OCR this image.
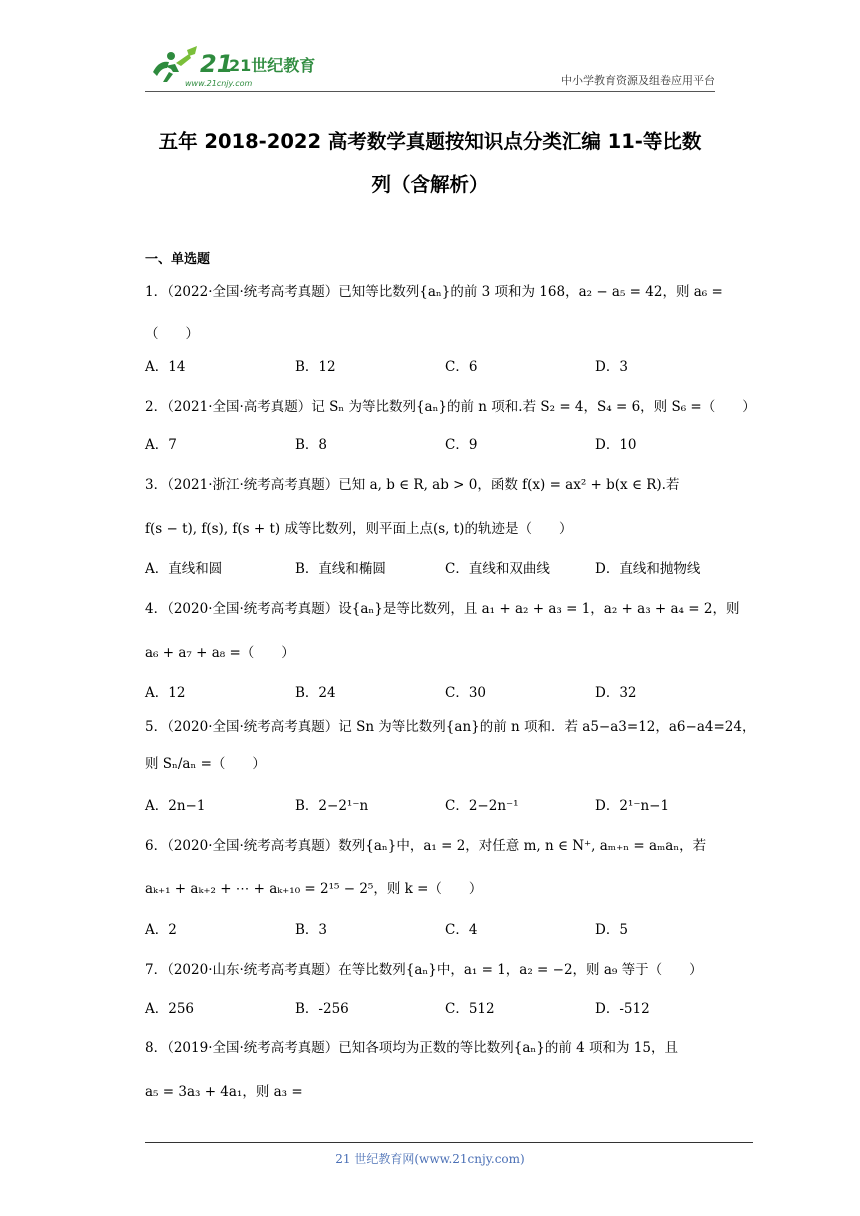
21
21世纪教育
www.21cnjy.com	中小学教育资源及组卷应用平台
五年 2018-2022 高考数学真题按知识点分类汇编 11-等比数
列（含解析）
一、单选题
1．（2022·全国·统考高考真题）已知等比数列{aₙ}的前 3 项和为 168，a₂ − a₅ = 42，则 a₆ =
（　　）
A．14	B．12	C．6	D．3
2．（2021·全国·高考真题）记 Sₙ 为等比数列{aₙ}的前 n 项和.若 S₂ = 4，S₄ = 6，则 S₆ =（　　）
A．7	B．8	C．9	D．10
3．（2021·浙江·统考高考真题）已知 a, b ∈ R, ab > 0，函数 f(x) = ax² + b(x ∈ R).若
f(s − t), f(s), f(s + t) 成等比数列，则平面上点(s, t)的轨迹是（　　）
A．直线和圆	B．直线和椭圆	C．直线和双曲线	D．直线和抛物线
4．（2020·全国·统考高考真题）设{aₙ}是等比数列，且 a₁ + a₂ + a₃ = 1，a₂ + a₃ + a₄ = 2，则
a₆ + a₇ + a₈ =（　　）
A．12	B．24	C．30	D．32
5．（2020·全国·统考高考真题）记 Sn 为等比数列{an}的前 n 项和．若 a5−a3=12，a6−a4=24，
则 Sₙ/aₙ =（　　）
A．2n−1	B．2−2¹⁻n	C．2−2n⁻¹	D．2¹⁻n−1
6．（2020·全国·统考高考真题）数列{aₙ}中，a₁ = 2，对任意 m, n ∈ N⁺, aₘ₊ₙ = aₘaₙ，若
aₖ₊₁ + aₖ₊₂ + ⋯ + aₖ₊₁₀ = 2¹⁵ − 2⁵，则 k =（　　）
A．2	B．3	C．4	D．5
7．（2020·山东·统考高考真题）在等比数列{aₙ}中，a₁ = 1，a₂ = −2，则 a₉ 等于（　　）
A．256	B．-256	C．512	D．-512
8．（2019·全国·统考高考真题）已知各项均为正数的等比数列{aₙ}的前 4 项和为 15，且
a₅ = 3a₃ + 4a₁，则 a₃ =
21 世纪教育网(www.21cnjy.com)
